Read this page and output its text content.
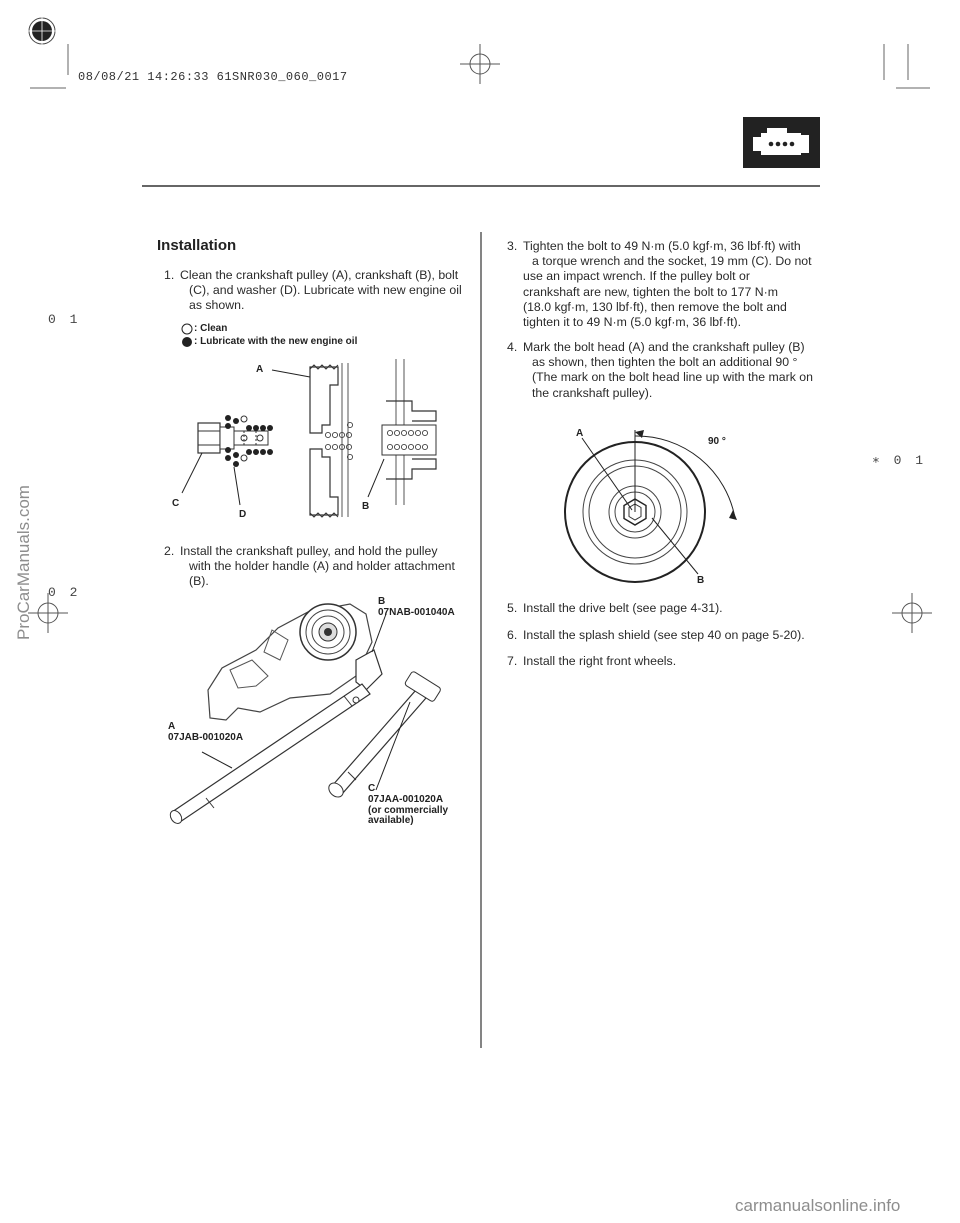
08/08/21 14:26:33 61SNR030_060_0017
0 1
0 2
∗ 0 1
Installation
1. Clean the crankshaft pulley (A), crankshaft (B), bolt
(C), and washer (D). Lubricate with new engine oil
as shown.
: Clean
: Lubricate with the new engine oil
A
C
D
B
2. Install the crankshaft pulley, and hold the pulley
with the holder handle (A) and holder attachment
(B).
B
07NAB-001040A
A
07JAB-001020A
C
07JAA-001020A
(or commercially
available)
3. Tighten the bolt to 49 N·m (5.0 kgf·m, 36 lbf·ft) with
a torque wrench and the socket, 19 mm (C). Do not
use an impact wrench. If the pulley bolt or
crankshaft are new, tighten the bolt to 177 N·m
(18.0 kgf·m, 130 lbf·ft), then remove the bolt and
tighten it to 49 N·m (5.0 kgf·m, 36 lbf·ft).
4. Mark the bolt head (A) and the crankshaft pulley (B)
as shown, then tighten the bolt an additional 90 °
(The mark on the bolt head line up with the mark on
the crankshaft pulley).
A
90 °
B
5. Install the drive belt (see page 4-31).
6. Install the splash shield (see step 40 on page 5-20).
7. Install the right front wheels.
ProCarManuals.com
carmanualsonline.info
